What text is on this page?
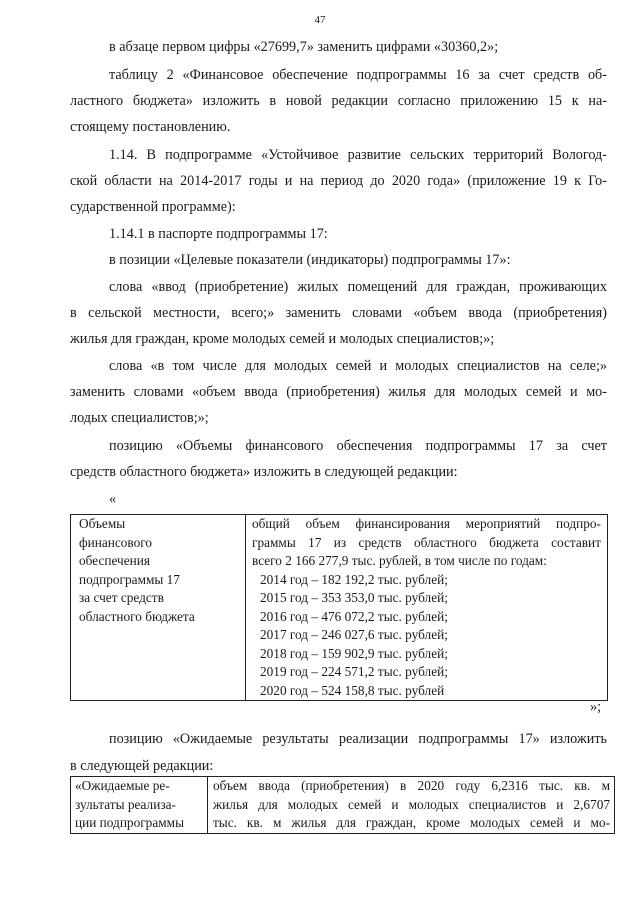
47
в абзаце первом цифры «27699,7» заменить цифрами «30360,2»;
таблицу 2 «Финансовое обеспечение подпрограммы 16 за счет средств об-
ластного бюджета» изложить в новой редакции согласно приложению 15 к на-
стоящему постановлению.
1.14. В подпрограмме «Устойчивое развитие сельских территорий Вологод-
ской области на 2014-2017 годы и на период до 2020 года» (приложение 19 к Го-
сударственной программе):
1.14.1 в паспорте подпрограммы 17:
в позиции «Целевые показатели (индикаторы) подпрограммы 17»:
слова «ввод (приобретение) жилых помещений для граждан, проживающих
в сельской местности, всего;» заменить словами «объем ввода (приобретения)
жилья для граждан, кроме молодых семей и молодых специалистов;»;
слова «в том числе для молодых семей и молодых специалистов на селе;»
заменить словами «объем ввода (приобретения) жилья для молодых семей и мо-
лодых специалистов;»;
позицию «Объемы финансового обеспечения подпрограммы 17 за счет
средств областного бюджета» изложить в следующей редакции:
«
Объемы
финансового
обеспечения
подпрограммы 17
за счет средств
областного бюджета

общий объем финансирования мероприятий подпро-
граммы 17 из средств областного бюджета составит
всего 2 166 277,9 тыс. рублей, в том числе по годам:
2014 год – 182 192,2 тыс. рублей;
2015 год – 353 353,0 тыс. рублей;
2016 год – 476 072,2 тыс. рублей;
2017 год – 246 027,6 тыс. рублей;
2018 год – 159 902,9 тыс. рублей;
2019 год – 224 571,2 тыс. рублей;
2020 год – 524 158,8 тыс. рублей
»;
позицию «Ожидаемые результаты реализации подпрограммы 17» изложить
в следующей редакции:
«Ожидаемые ре-
зультаты реализа-
ции подпрограммы

объем ввода (приобретения) в 2020 году 6,2316 тыс. кв. м
жилья для молодых семей и молодых специалистов и 2,6707
тыс. кв. м жилья для граждан, кроме молодых семей и мо-
